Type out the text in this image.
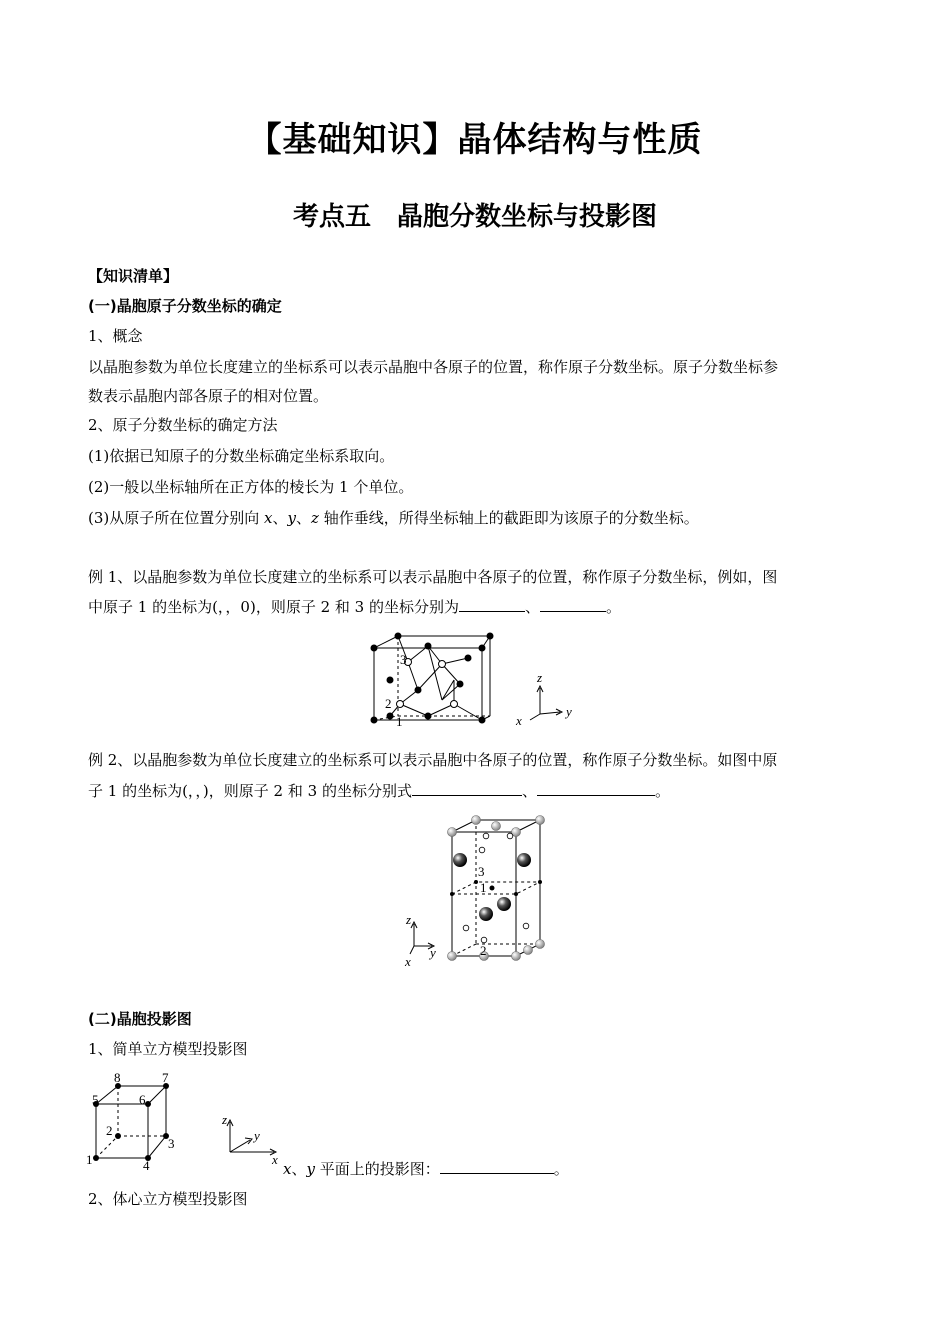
【基础知识】晶体结构与性质
考点五　晶胞分数坐标与投影图
【知识清单】
(一)晶胞原子分数坐标的确定
1、概念
以晶胞参数为单位长度建立的坐标系可以表示晶胞中各原子的位置，称作原子分数坐标。原子分数坐标参
数表示晶胞内部各原子的相对位置。
2、原子分数坐标的确定方法
(1)依据已知原子的分数坐标确定坐标系取向。
(2)一般以坐标轴所在正方体的棱长为 1 个单位。
(3)从原子所在位置分别向 x、y、z 轴作垂线，所得坐标轴上的截距即为该原子的分数坐标。
例 1、以晶胞参数为单位长度建立的坐标系可以表示晶胞中各原子的位置，称作原子分数坐标，例如，图
中原子 1 的坐标为(，，0)，则原子 2 和 3 的坐标分别为	、	。
1
2
3
z
x
y
例 2、以晶胞参数为单位长度建立的坐标系可以表示晶胞中各原子的位置，称作原子分数坐标。如图中原
子 1 的坐标为(，，)，则原子 2 和 3 的坐标分别式	、	。
1
2
3
z
x
y
(二)晶胞投影图
1、简单立方模型投影图
1
2
3
4
5	6
7
8
z
y
x
x、y 平面上的投影图：	。
2、体心立方模型投影图
